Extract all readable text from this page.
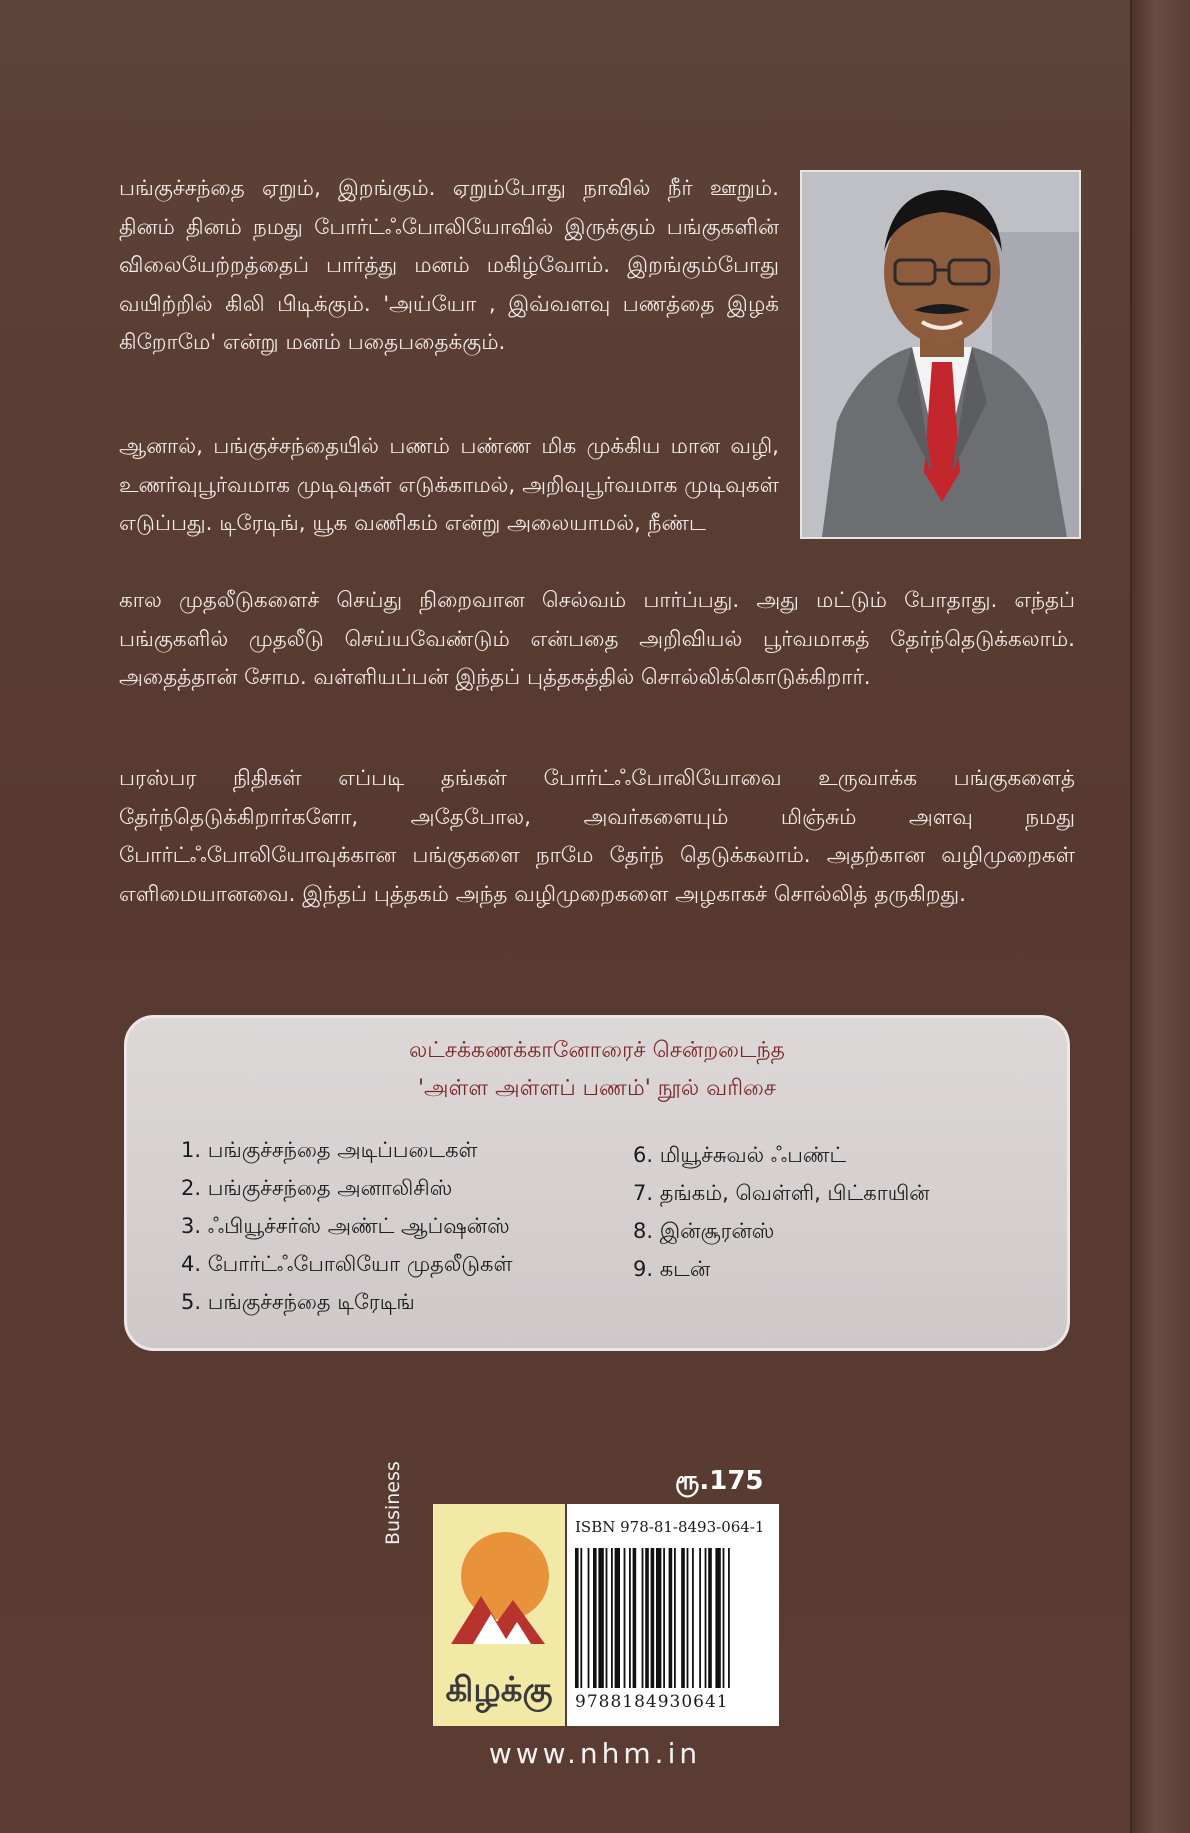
பங்குச்சந்தை ஏறும், இறங்கும். ஏறும்போது நாவில் நீர் ஊறும். தினம் தினம் நமது போர்ட்ஃபோலியோவில் இருக்கும் பங்குகளின் விலையேற்றத்தைப் பார்த்து மனம் மகிழ்வோம். இறங்கும்போது வயிற்றில் கிலி பிடிக்கும். 'அய்யோ , இவ்வளவு பணத்தை இழக் கிறோமே' என்று மனம் பதைபதைக்கும்.

ஆனால், பங்குச்சந்தையில் பணம் பண்ண மிக முக்கிய மான வழி, உணர்வுபூர்வமாக முடிவுகள் எடுக்காமல், அறிவுபூர்வமாக முடிவுகள் எடுப்பது. டிரேடிங், யூக வணிகம் என்று அலையாமல், நீண்ட

கால முதலீடுகளைச் செய்து நிறைவான செல்வம் பார்ப்பது. அது மட்டும் போதாது. எந்தப் பங்குகளில் முதலீடு செய்யவேண்டும் என்பதை அறிவியல் பூர்வமாகத் தேர்ந்தெடுக்கலாம். அதைத்தான் சோம. வள்ளியப்பன் இந்தப் புத்தகத்தில் சொல்லிக்கொடுக்கிறார்.

பரஸ்பர நிதிகள் எப்படி தங்கள் போர்ட்ஃபோலியோவை உருவாக்க பங்குகளைத் தேர்ந்தெடுக்கிறார்களோ, அதேபோல, அவர்களையும் மிஞ்சும் அளவு நமது போர்ட்ஃபோலியோவுக்கான பங்குகளை நாமே தேர்ந் தெடுக்கலாம். அதற்கான வழிமுறைகள் எளிமையானவை. இந்தப் புத்தகம் அந்த வழிமுறைகளை அழகாகச் சொல்லித் தருகிறது.

லட்சக்கணக்கானோரைச் சென்றடைந்த
'அள்ள அள்ளப் பணம்' நூல் வரிசை
1. பங்குச்சந்தை அடிப்படைகள்
2. பங்குச்சந்தை அனாலிசிஸ்
3. ஃபியூச்சர்ஸ் அண்ட் ஆப்ஷன்ஸ்
4. போர்ட்ஃபோலியோ முதலீடுகள்
5. பங்குச்சந்தை டிரேடிங்
6. மியூச்சுவல் ஃபண்ட்
7. தங்கம், வெள்ளி, பிட்காயின்
8. இன்சூரன்ஸ்
9. கடன்
ரூ.175
Business
கிழக்கு
ISBN 978-81-8493-064-1
9788184930641
www.nhm.in
